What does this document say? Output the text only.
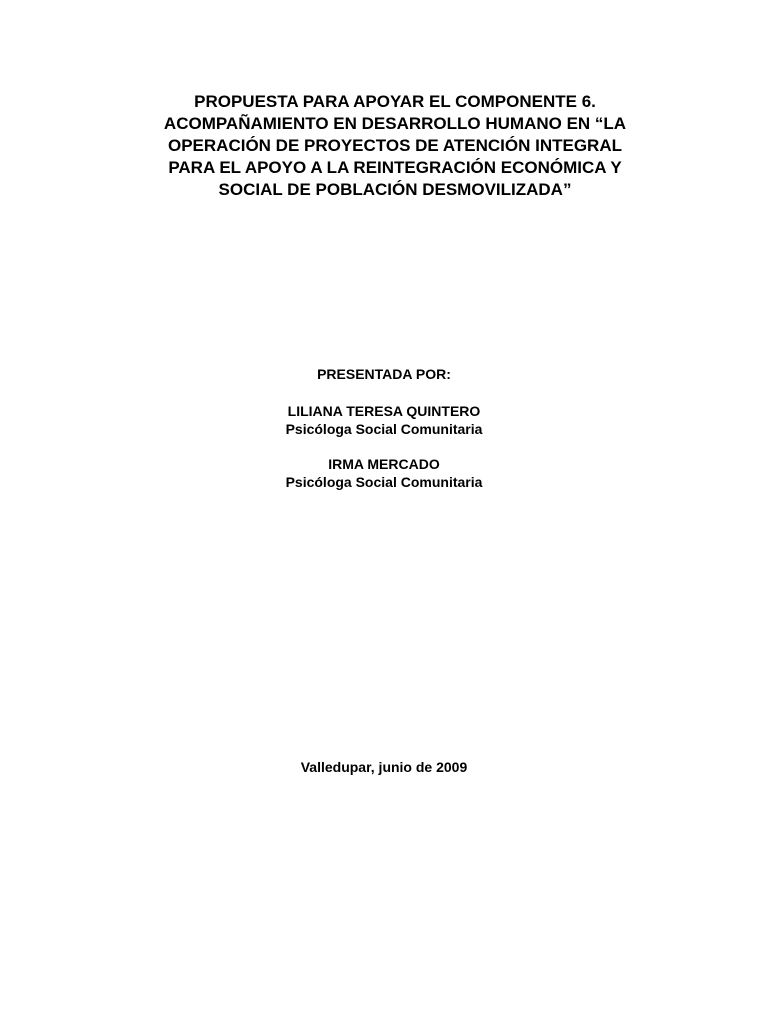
PROPUESTA PARA APOYAR EL COMPONENTE 6.
ACOMPAÑAMIENTO EN DESARROLLO HUMANO EN “LA
OPERACIÓN DE PROYECTOS DE ATENCIÓN INTEGRAL
PARA EL APOYO A LA REINTEGRACIÓN ECONÓMICA Y
SOCIAL DE POBLACIÓN DESMOVILIZADA”

PRESENTADA POR:

LILIANA TERESA QUINTERO
Psicóloga Social Comunitaria
IRMA MERCADO
Psicóloga Social Comunitaria

Valledupar, junio de 2009
